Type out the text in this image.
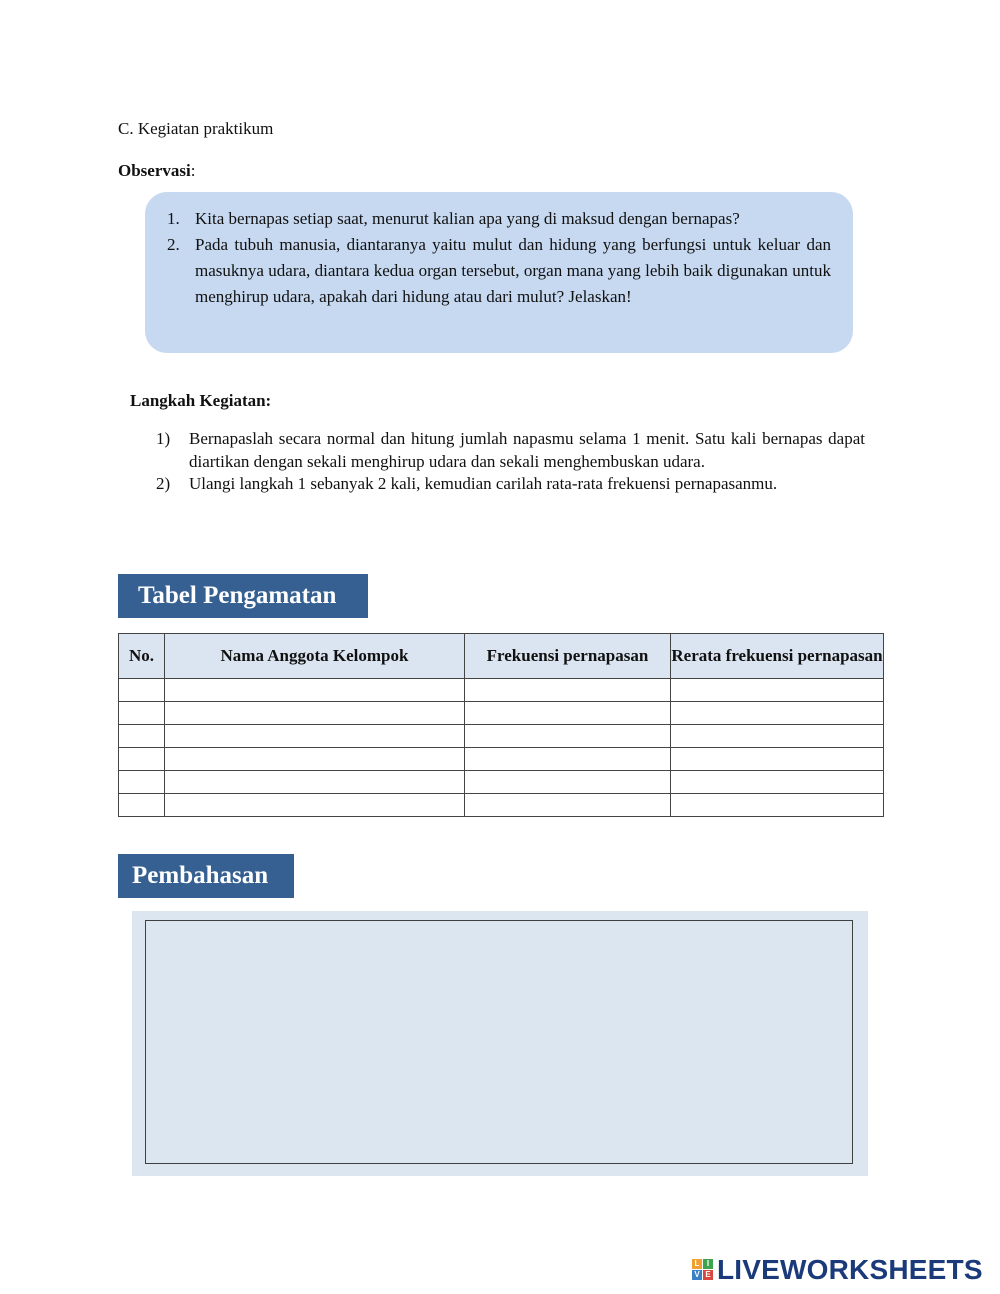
C. Kegiatan praktikum
Observasi:
1. Kita bernapas setiap saat, menurut kalian apa yang di maksud dengan bernapas?
2. Pada tubuh manusia, diantaranya yaitu mulut dan hidung yang berfungsi untuk keluar dan masuknya udara, diantara kedua organ tersebut, organ mana yang lebih baik digunakan untuk menghirup udara, apakah dari hidung atau dari mulut? Jelaskan!
Langkah Kegiatan:
1)	Bernapaslah secara normal dan hitung jumlah napasmu selama 1 menit. Satu kali bernapas dapat diartikan dengan sekali menghirup udara dan sekali menghembuskan udara.
2)	Ulangi langkah 1 sebanyak 2 kali, kemudian carilah rata-rata frekuensi pernapasanmu.
Tabel Pengamatan
No.	Nama Anggota Kelompok	Frekuensi pernapasan	Rerata frekuensi pernapasan

Pembahasan
L I
V E LIVEWORKSHEETS
